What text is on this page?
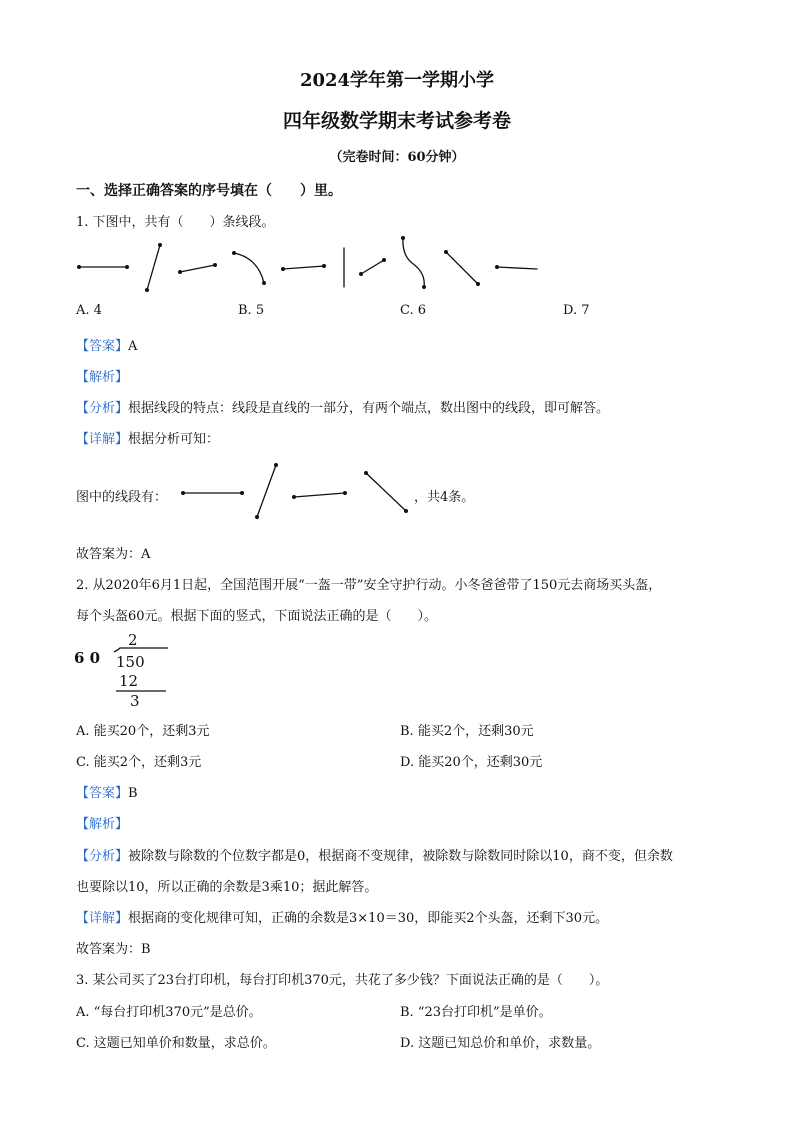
2024学年第一学期小学
四年级数学期末考试参考卷
（完卷时间：60分钟）
一、选择正确答案的序号填在（　　）里。
1. 下图中，共有（　　）条线段。
A. 4	B. 5	C. 6	D. 7
【答案】A
【解析】
【分析】根据线段的特点：线段是直线的一部分，有两个端点，数出图中的线段，即可解答。
【详解】根据分析可知：
图中的线段有：	，共4条。
故答案为：A
2. 从2020年6月1日起，全国范围开展“一盔一带”安全守护行动。小冬爸爸带了150元去商场买头盔，
每个头盔60元。根据下面的竖式，下面说法正确的是（　　）。
6 0
2
150
12
3
A. 能买20个，还剩3元	B. 能买2个，还剩30元
C. 能买2个，还剩3元	D. 能买20个，还剩30元
【答案】B
【解析】
【分析】被除数与除数的个位数字都是0，根据商不变规律，被除数与除数同时除以10，商不变，但余数
也要除以10，所以正确的余数是3乘10；据此解答。
【详解】根据商的变化规律可知，正确的余数是3×10＝30，即能买2个头盔，还剩下30元。
故答案为：B
3. 某公司买了23台打印机，每台打印机370元，共花了多少钱？下面说法正确的是（　　）。
A. “每台打印机370元”是总价。	B. “23台打印机”是单价。
C. 这题已知单价和数量，求总价。	D. 这题已知总价和单价，求数量。
